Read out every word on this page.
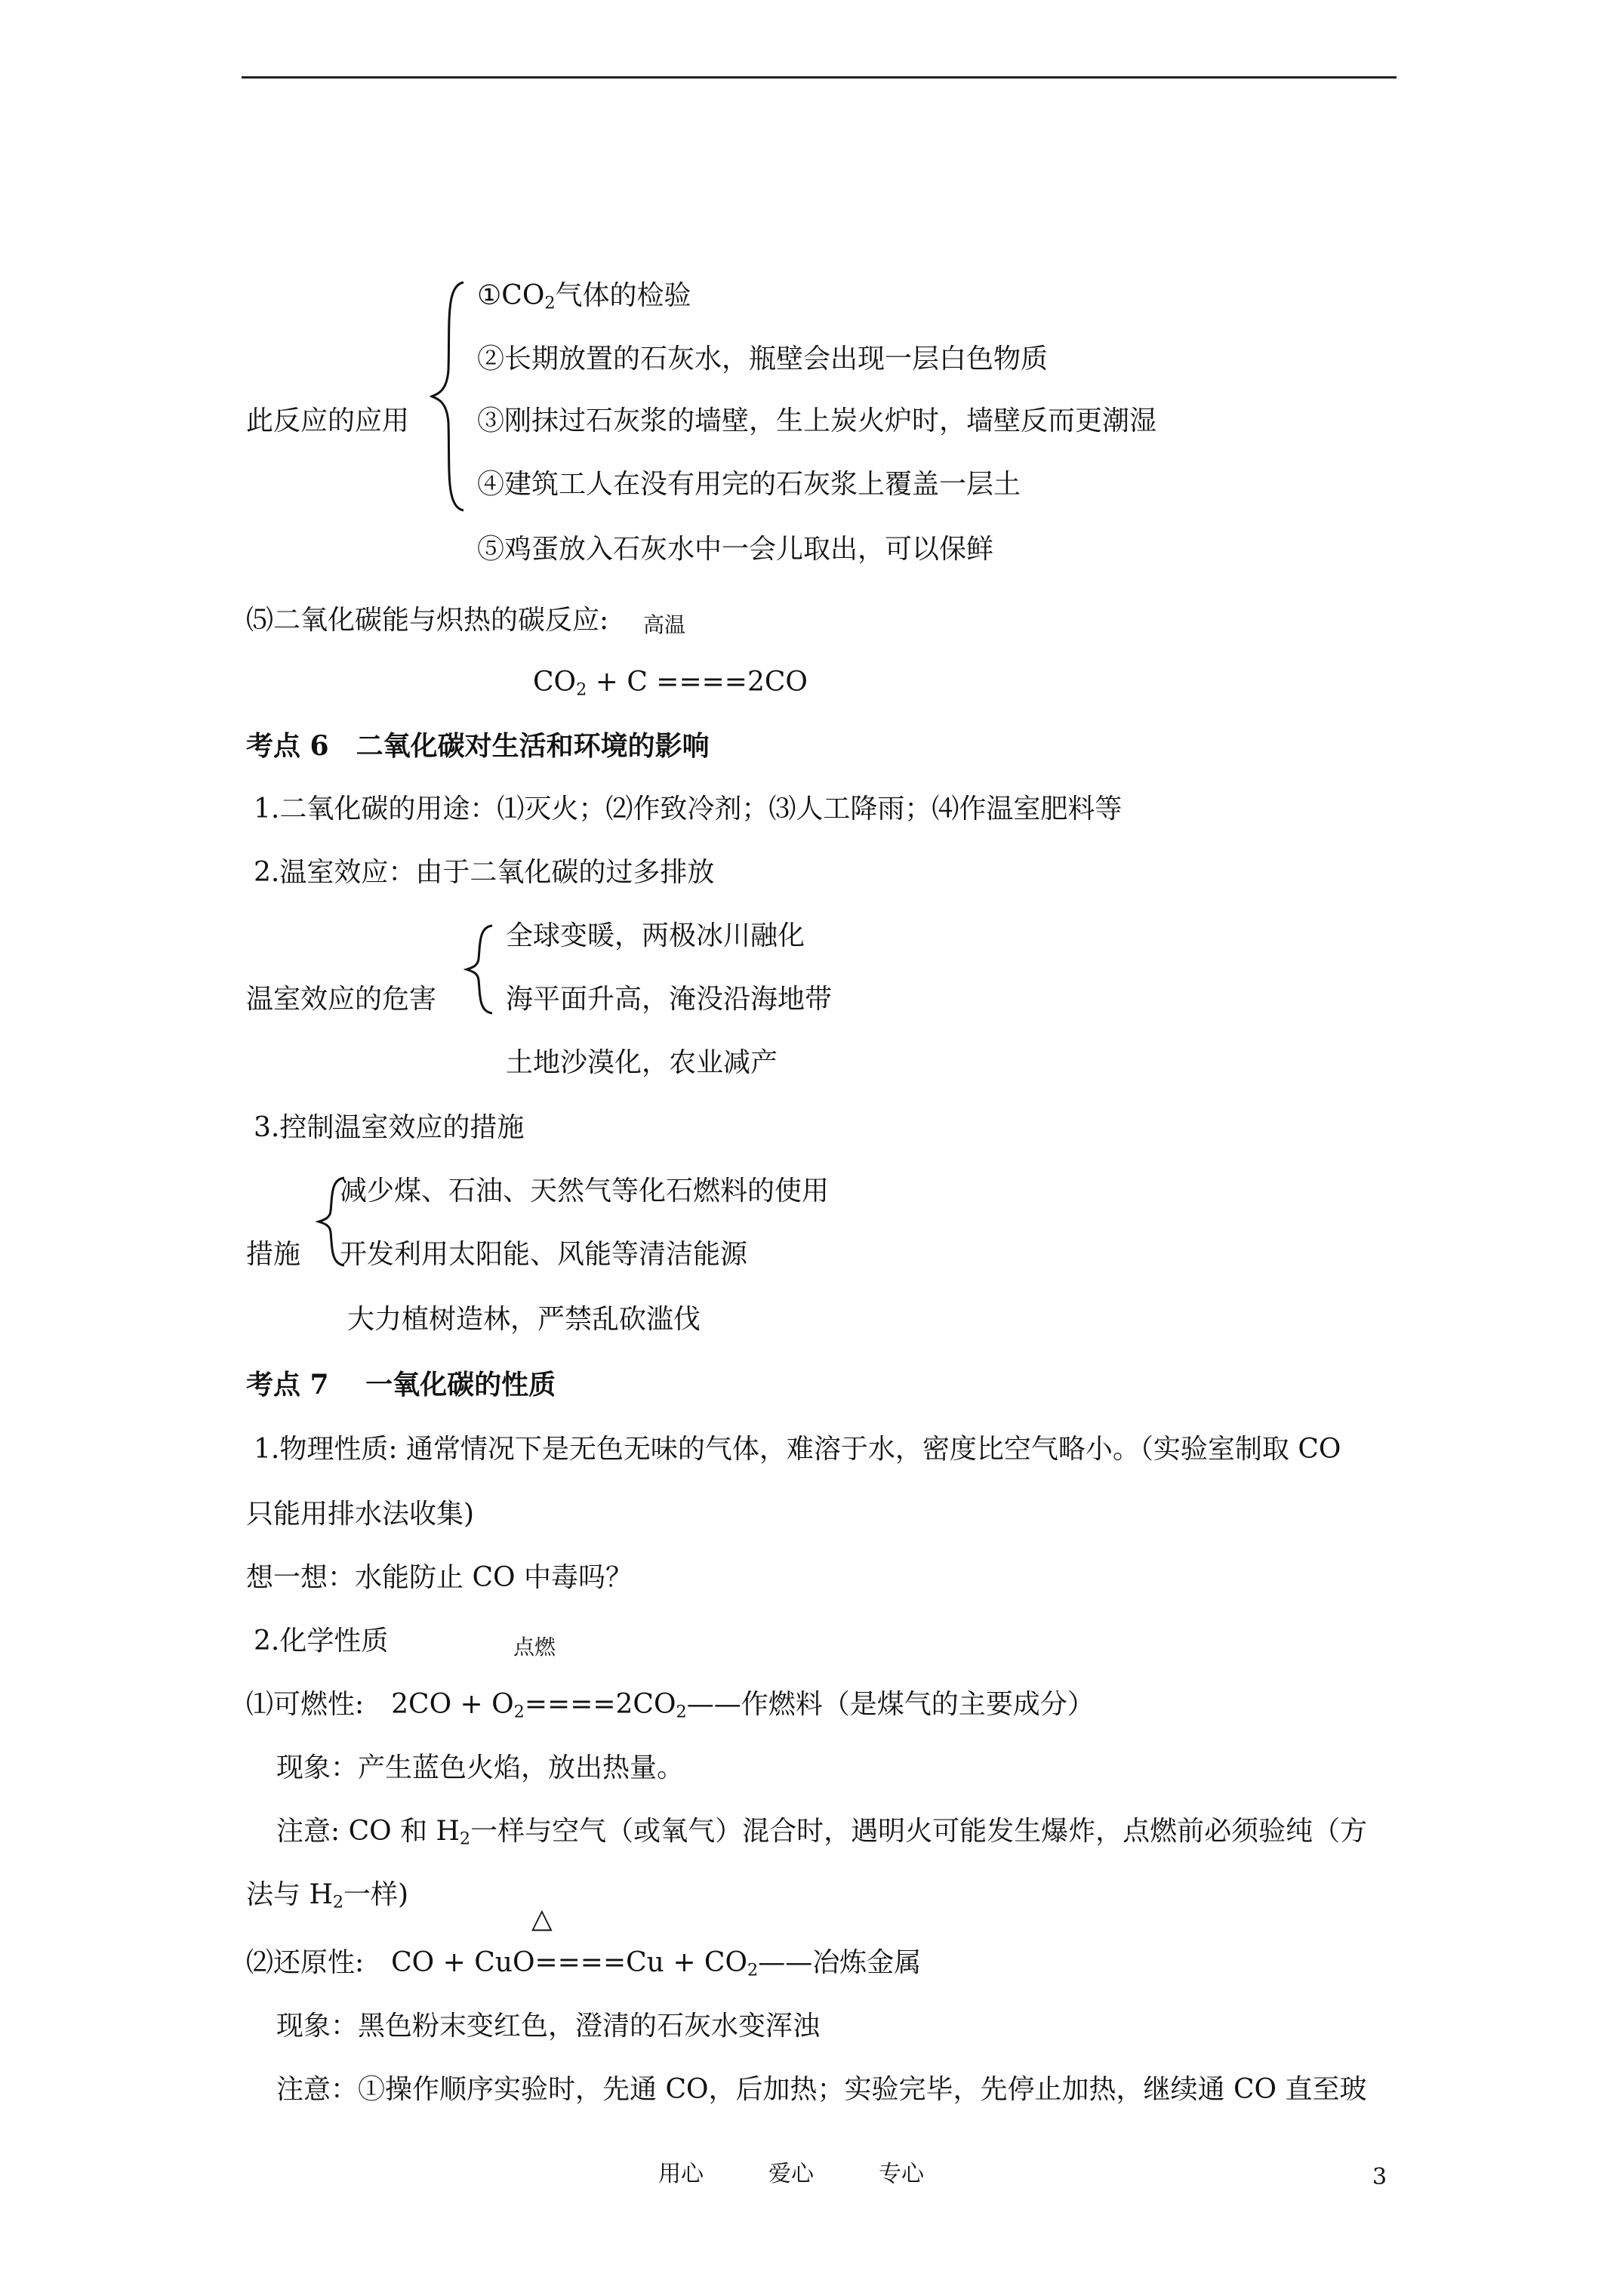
此反应的应用
$①CO_2$气体的检验
②长期放置的石灰水，瓶壁会出现一层白色物质
③刚抹过石灰浆的墙壁，生上炭火炉时，墙壁反而更潮湿
④建筑工人在没有用完的石灰浆上覆盖一层土
⑤鸡蛋放入石灰水中一会儿取出，可以保鲜
⑸二氧化碳能与炽热的碳反应: 高温
$CO_2 + C ====2CO$
考点 6　二氧化碳对生活和环境的影响
1.二氧化碳的用途：⑴灭火；⑵作致冷剂；⑶人工降雨；⑷作温室肥料等
2.温室效应：由于二氧化碳的过多排放
温室效应的危害
全球变暖，两极冰川融化
海平面升高，淹没沿海地带
土地沙漠化，农业减产
3.控制温室效应的措施
措施
减少煤、石油、天然气等化石燃料的使用
开发利用太阳能、风能等清洁能源
大力植树造林，严禁乱砍滥伐
考点 7　 一氧化碳的性质
1.物理性质: 通常情况下是无色无味的气体，难溶于水，密度比空气略小。（实验室制取 CO
只能用排水法收集)
想一想：水能防止 CO 中毒吗？
2.化学性质	点燃
⑴可燃性:　$2CO + O_2====2CO_2——$作燃料（是煤气的主要成分）
现象：产生蓝色火焰，放出热量。
注意: CO 和 $H_2$一样与空气（或氧气）混合时，遇明火可能发生爆炸，点燃前必须验纯（方
法与 $H_2$一样)
△
⑵还原性:　CO + $CuO====Cu + CO_2——$冶炼金属
现象：黑色粉末变红色，澄清的石灰水变浑浊
注意：①操作顺序实验时，先通 CO，后加热；实验完毕，先停止加热，继续通 CO 直至玻
用心	爱心	专心	3
